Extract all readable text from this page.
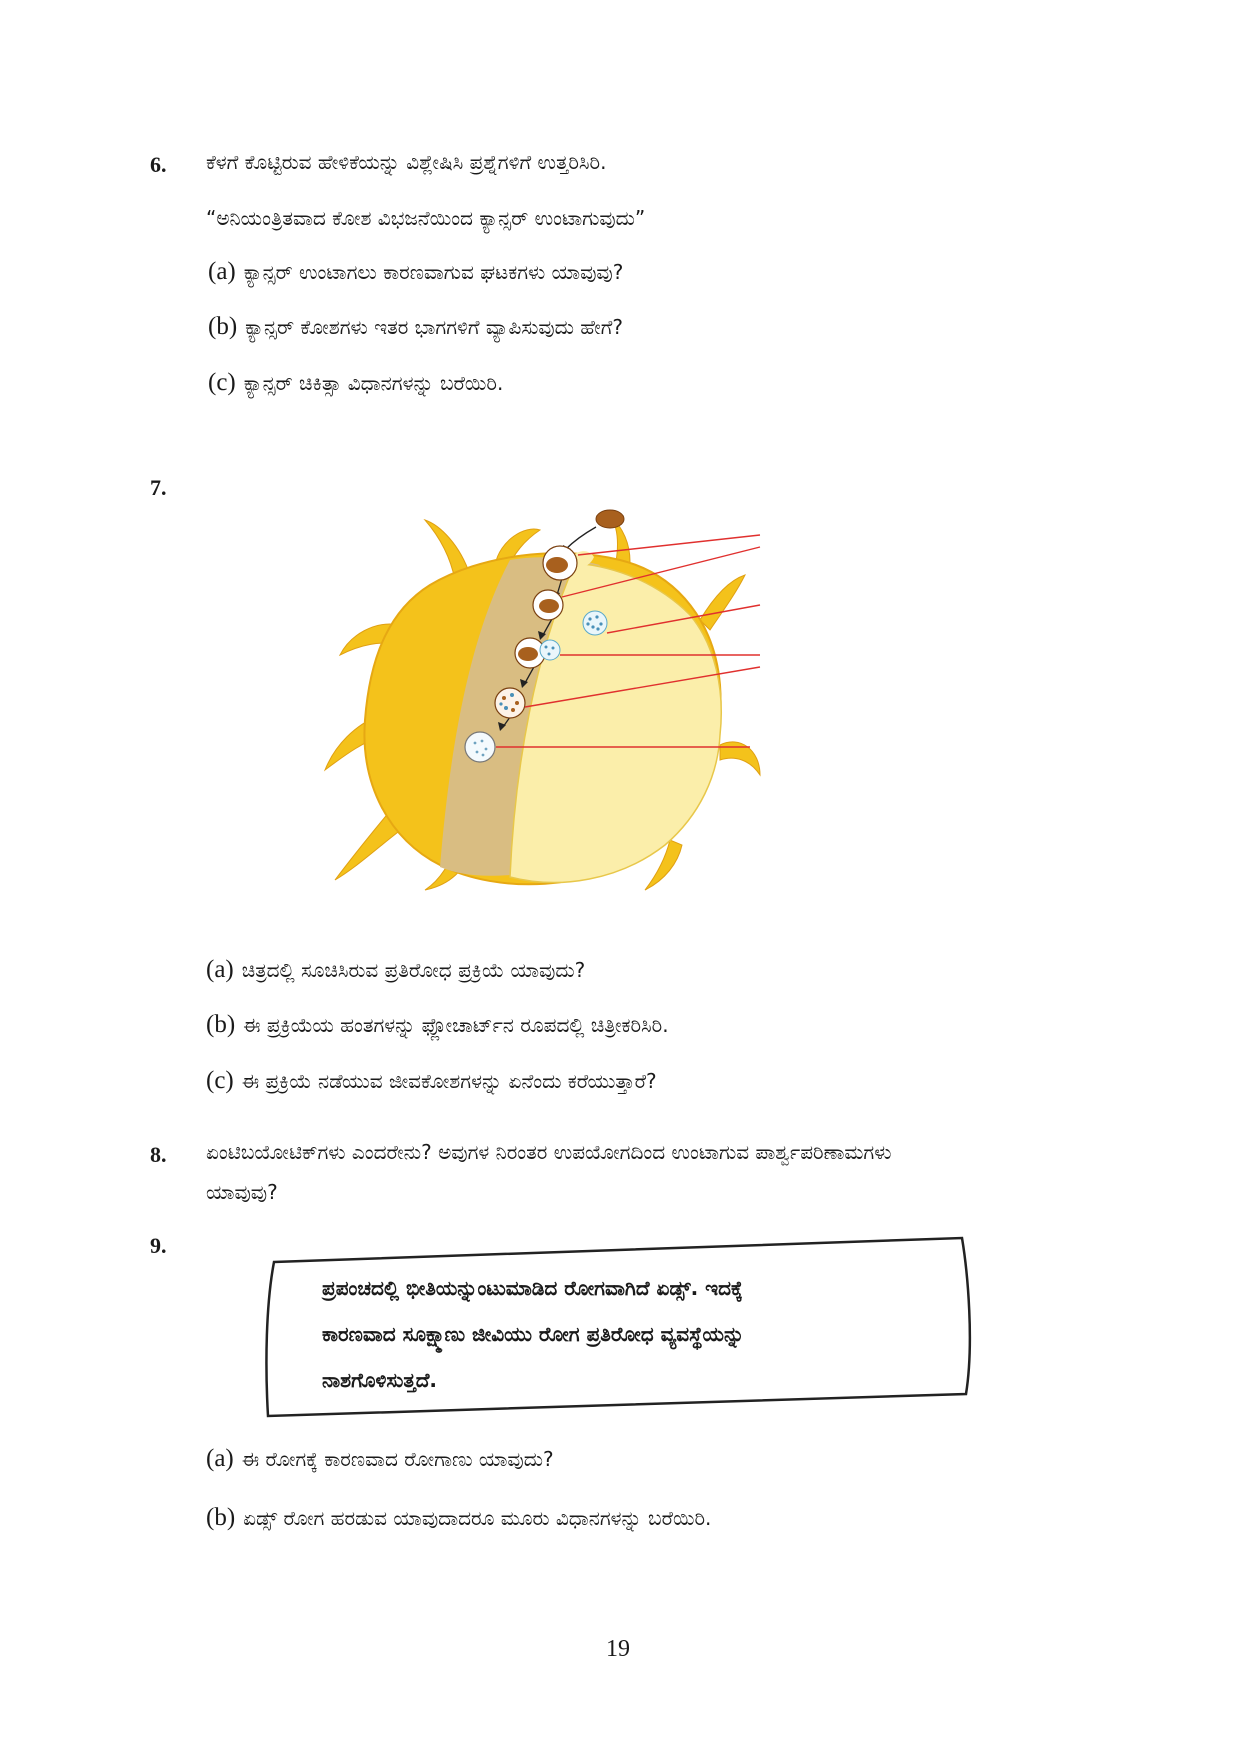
6. ಕೆಳಗೆ ಕೊಟ್ಟಿರುವ ಹೇಳಿಕೆಯನ್ನು ವಿಶ್ಲೇಷಿಸಿ ಪ್ರಶ್ನೆಗಳಿಗೆ ಉತ್ತರಿಸಿರಿ.
“ಅನಿಯಂತ್ರಿತವಾದ ಕೋಶ ವಿಭಜನೆಯಿಂದ ಕ್ಯಾನ್ಸರ್ ಉಂಟಾಗುವುದು”
(a) ಕ್ಯಾನ್ಸರ್ ಉಂಟಾಗಲು ಕಾರಣವಾಗುವ ಘಟಕಗಳು ಯಾವುವು?
(b) ಕ್ಯಾನ್ಸರ್ ಕೋಶಗಳು ಇತರ ಭಾಗಗಳಿಗೆ ವ್ಯಾಪಿಸುವುದು ಹೇಗೆ?
(c) ಕ್ಯಾನ್ಸರ್ ಚಿಕಿತ್ಸಾ ವಿಧಾನಗಳನ್ನು ಬರೆಯಿರಿ.
7.
(a) ಚಿತ್ರದಲ್ಲಿ ಸೂಚಿಸಿರುವ ಪ್ರತಿರೋಧ ಪ್ರಕ್ರಿಯೆ ಯಾವುದು?
(b) ಈ ಪ್ರಕ್ರಿಯೆಯ ಹಂತಗಳನ್ನು ಫ್ಲೋಚಾರ್ಟ್‌ನ ರೂಪದಲ್ಲಿ ಚಿತ್ರೀಕರಿಸಿರಿ.
(c) ಈ ಪ್ರಕ್ರಿಯೆ ನಡೆಯುವ ಜೀವಕೋಶಗಳನ್ನು ಏನೆಂದು ಕರೆಯುತ್ತಾರೆ?
8. ಏಂಟಿಬಯೋಟಿಕ್‌ಗಳು ಎಂದರೇನು? ಅವುಗಳ ನಿರಂತರ ಉಪಯೋಗದಿಂದ ಉಂಟಾಗುವ ಪಾರ್ಶ್ವಪರಿಣಾಮಗಳು
ಯಾವುವು?
9.
ಪ್ರಪಂಚದಲ್ಲಿ ಭೀತಿಯನ್ನುಂಟುಮಾಡಿದ ರೋಗವಾಗಿದೆ ಏಡ್ಸ್. ಇದಕ್ಕೆ
ಕಾರಣವಾದ ಸೂಕ್ಷ್ಮಾಣು ಜೀವಿಯು ರೋಗ ಪ್ರತಿರೋಧ ವ್ಯವಸ್ಥೆಯನ್ನು
ನಾಶಗೊಳಿಸುತ್ತದೆ.
(a) ಈ ರೋಗಕ್ಕೆ ಕಾರಣವಾದ ರೋಗಾಣು ಯಾವುದು?
(b) ಏಡ್ಸ್ ರೋಗ ಹರಡುವ ಯಾವುದಾದರೂ ಮೂರು ವಿಧಾನಗಳನ್ನು ಬರೆಯಿರಿ.
19
